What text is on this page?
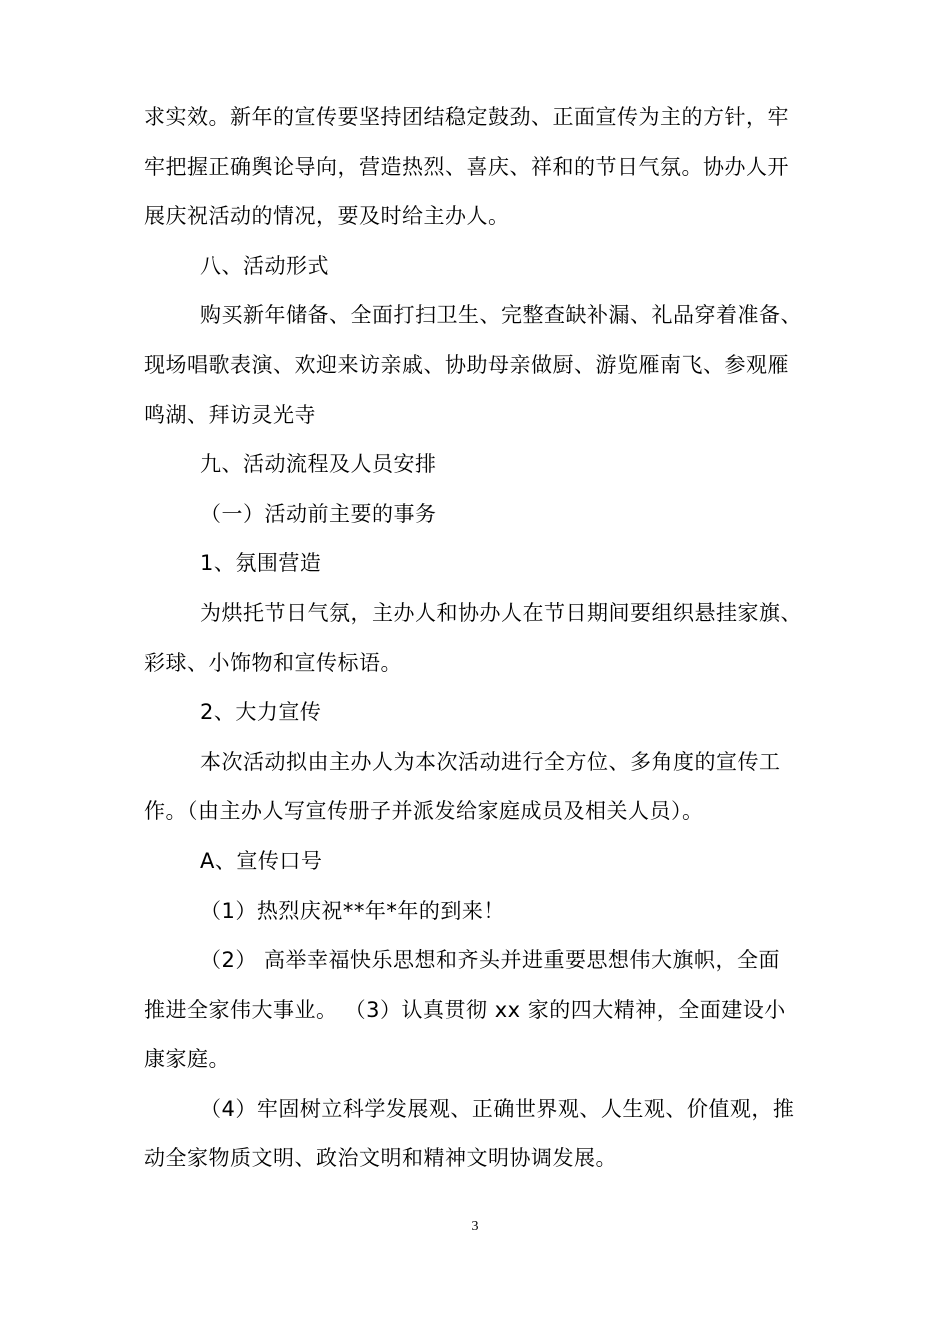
求实效。新年的宣传要坚持团结稳定鼓劲、正面宣传为主的方针，牢

牢把握正确舆论导向，营造热烈、喜庆、祥和的节日气氛。协办人开

展庆祝活动的情况，要及时给主办人。

八、活动形式

购买新年储备、全面打扫卫生、完整查缺补漏、礼品穿着准备、

现场唱歌表演、欢迎来访亲戚、协助母亲做厨、游览雁南飞、参观雁

鸣湖、拜访灵光寺

九、活动流程及人员安排

（一）活动前主要的事务

1、氛围营造

为烘托节日气氛，主办人和协办人在节日期间要组织悬挂家旗、

彩球、小饰物和宣传标语。

2、大力宣传

本次活动拟由主办人为本次活动进行全方位、多角度的宣传工

作。（由主办人写宣传册子并派发给家庭成员及相关人员）。

A、宣传口号

（1）热烈庆祝**年*年的到来！

（2） 高举幸福快乐思想和齐头并进重要思想伟大旗帜，全面

推进全家伟大事业。 （3）认真贯彻 xx 家的四大精神，全面建设小

康家庭。

（4）牢固树立科学发展观、正确世界观、人生观、价值观，推

动全家物质文明、政治文明和精神文明协调发展。

3
